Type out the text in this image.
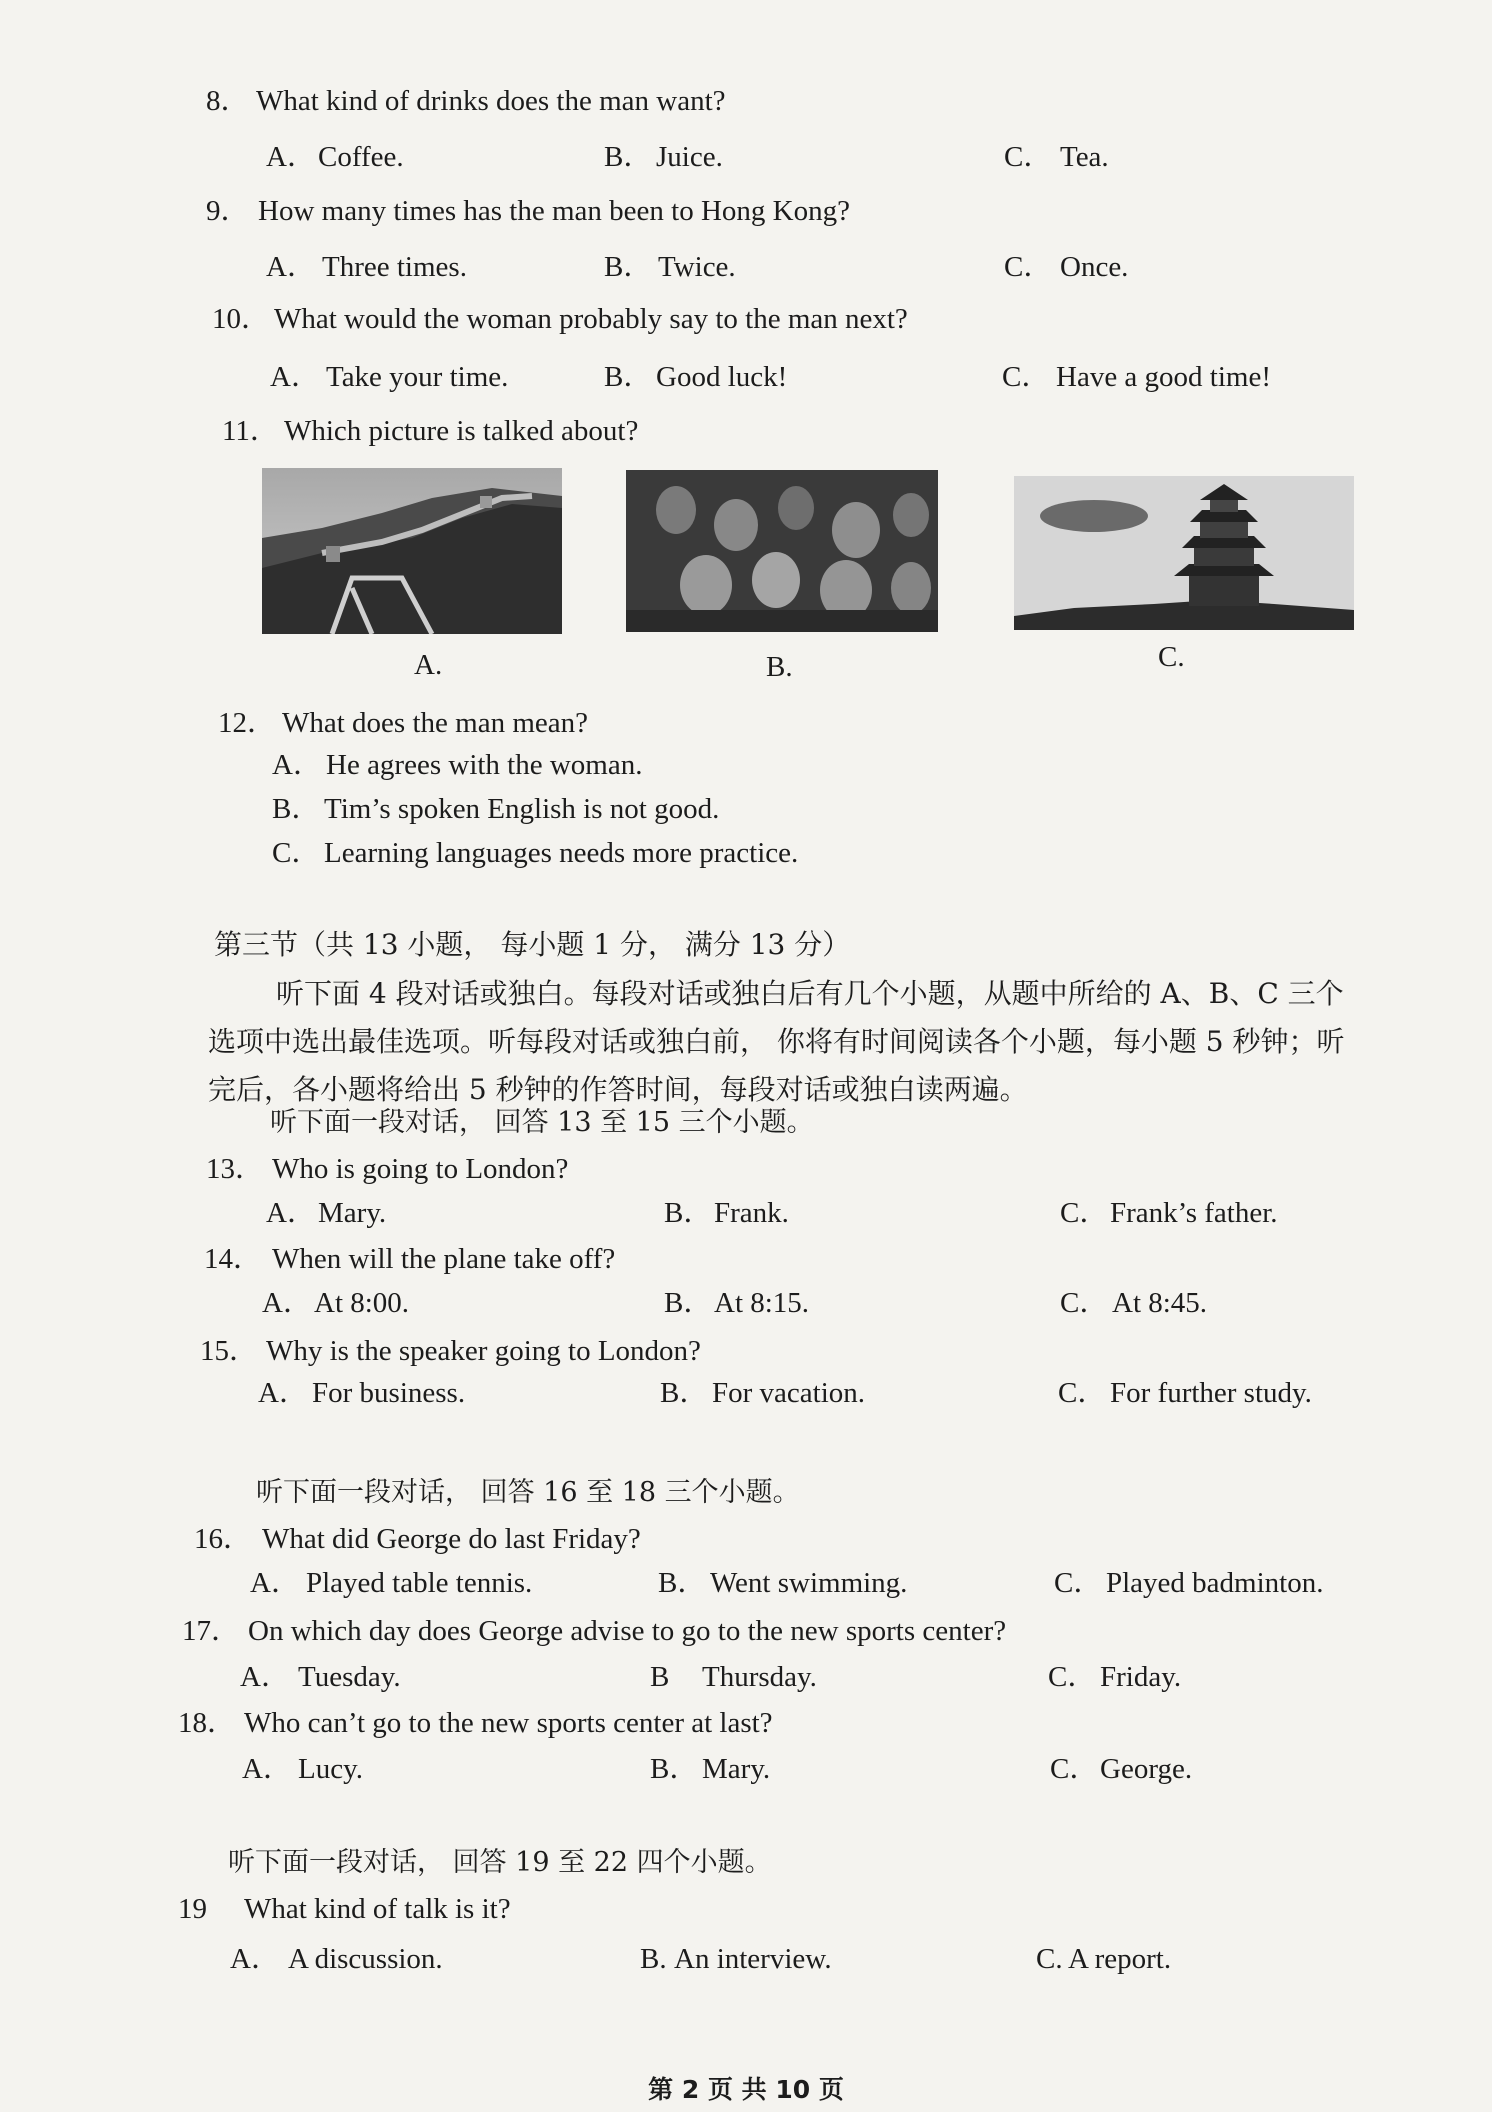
8． What kind of drinks does the man want?
A． Coffee.	B． Juice.	C． Tea.
9． How many times has the man been to Hong Kong?
A． Three times.	B． Twice.	C． Once.
10． What would the woman probably say to the man next?
A． Take your time.	B． Good luck!	C． Have a good time!
11． Which picture is talked about?
A.	B.	C.
12． What does the man mean?
A． He agrees with the woman.
B． Tim’s spoken English is not good.
C． Learning languages needs more practice.
第三节（共 13 小题， 每小题 1 分， 满分 13 分）
听下面 4 段对话或独白。每段对话或独白后有几个小题，从题中所给的 A、B、C 三个选项中选出最佳选项。听每段对话或独白前， 你将有时间阅读各个小题，每小题 5 秒钟；听完后，各小题将给出 5 秒钟的作答时间，每段对话或独白读两遍。
听下面一段对话， 回答 13 至 15 三个小题。
13． Who is going to London?
A． Mary.	B． Frank.	C． Frank’s father.
14． When will the plane take off?
A． At 8:00.	B． At 8:15.	C． At 8:45.
15． Why is the speaker going to London?
A． For business.	B． For vacation.	C． For further study.
听下面一段对话， 回答 16 至 18 三个小题。
16． What did George do last Friday?
A． Played table tennis.	B． Went swimming.	C． Played badminton.
17． On which day does George advise to go to the new sports center?
A． Tuesday.	B Thursday.	C． Friday.
18． Who can’t go to the new sports center at last?
A． Lucy.	B． Mary.	C． George.
听下面一段对话， 回答 19 至 22 四个小题。
19 What kind of talk is it?
A． A discussion.	B. An interview.	C. A report.
第 2 页 共 10 页
